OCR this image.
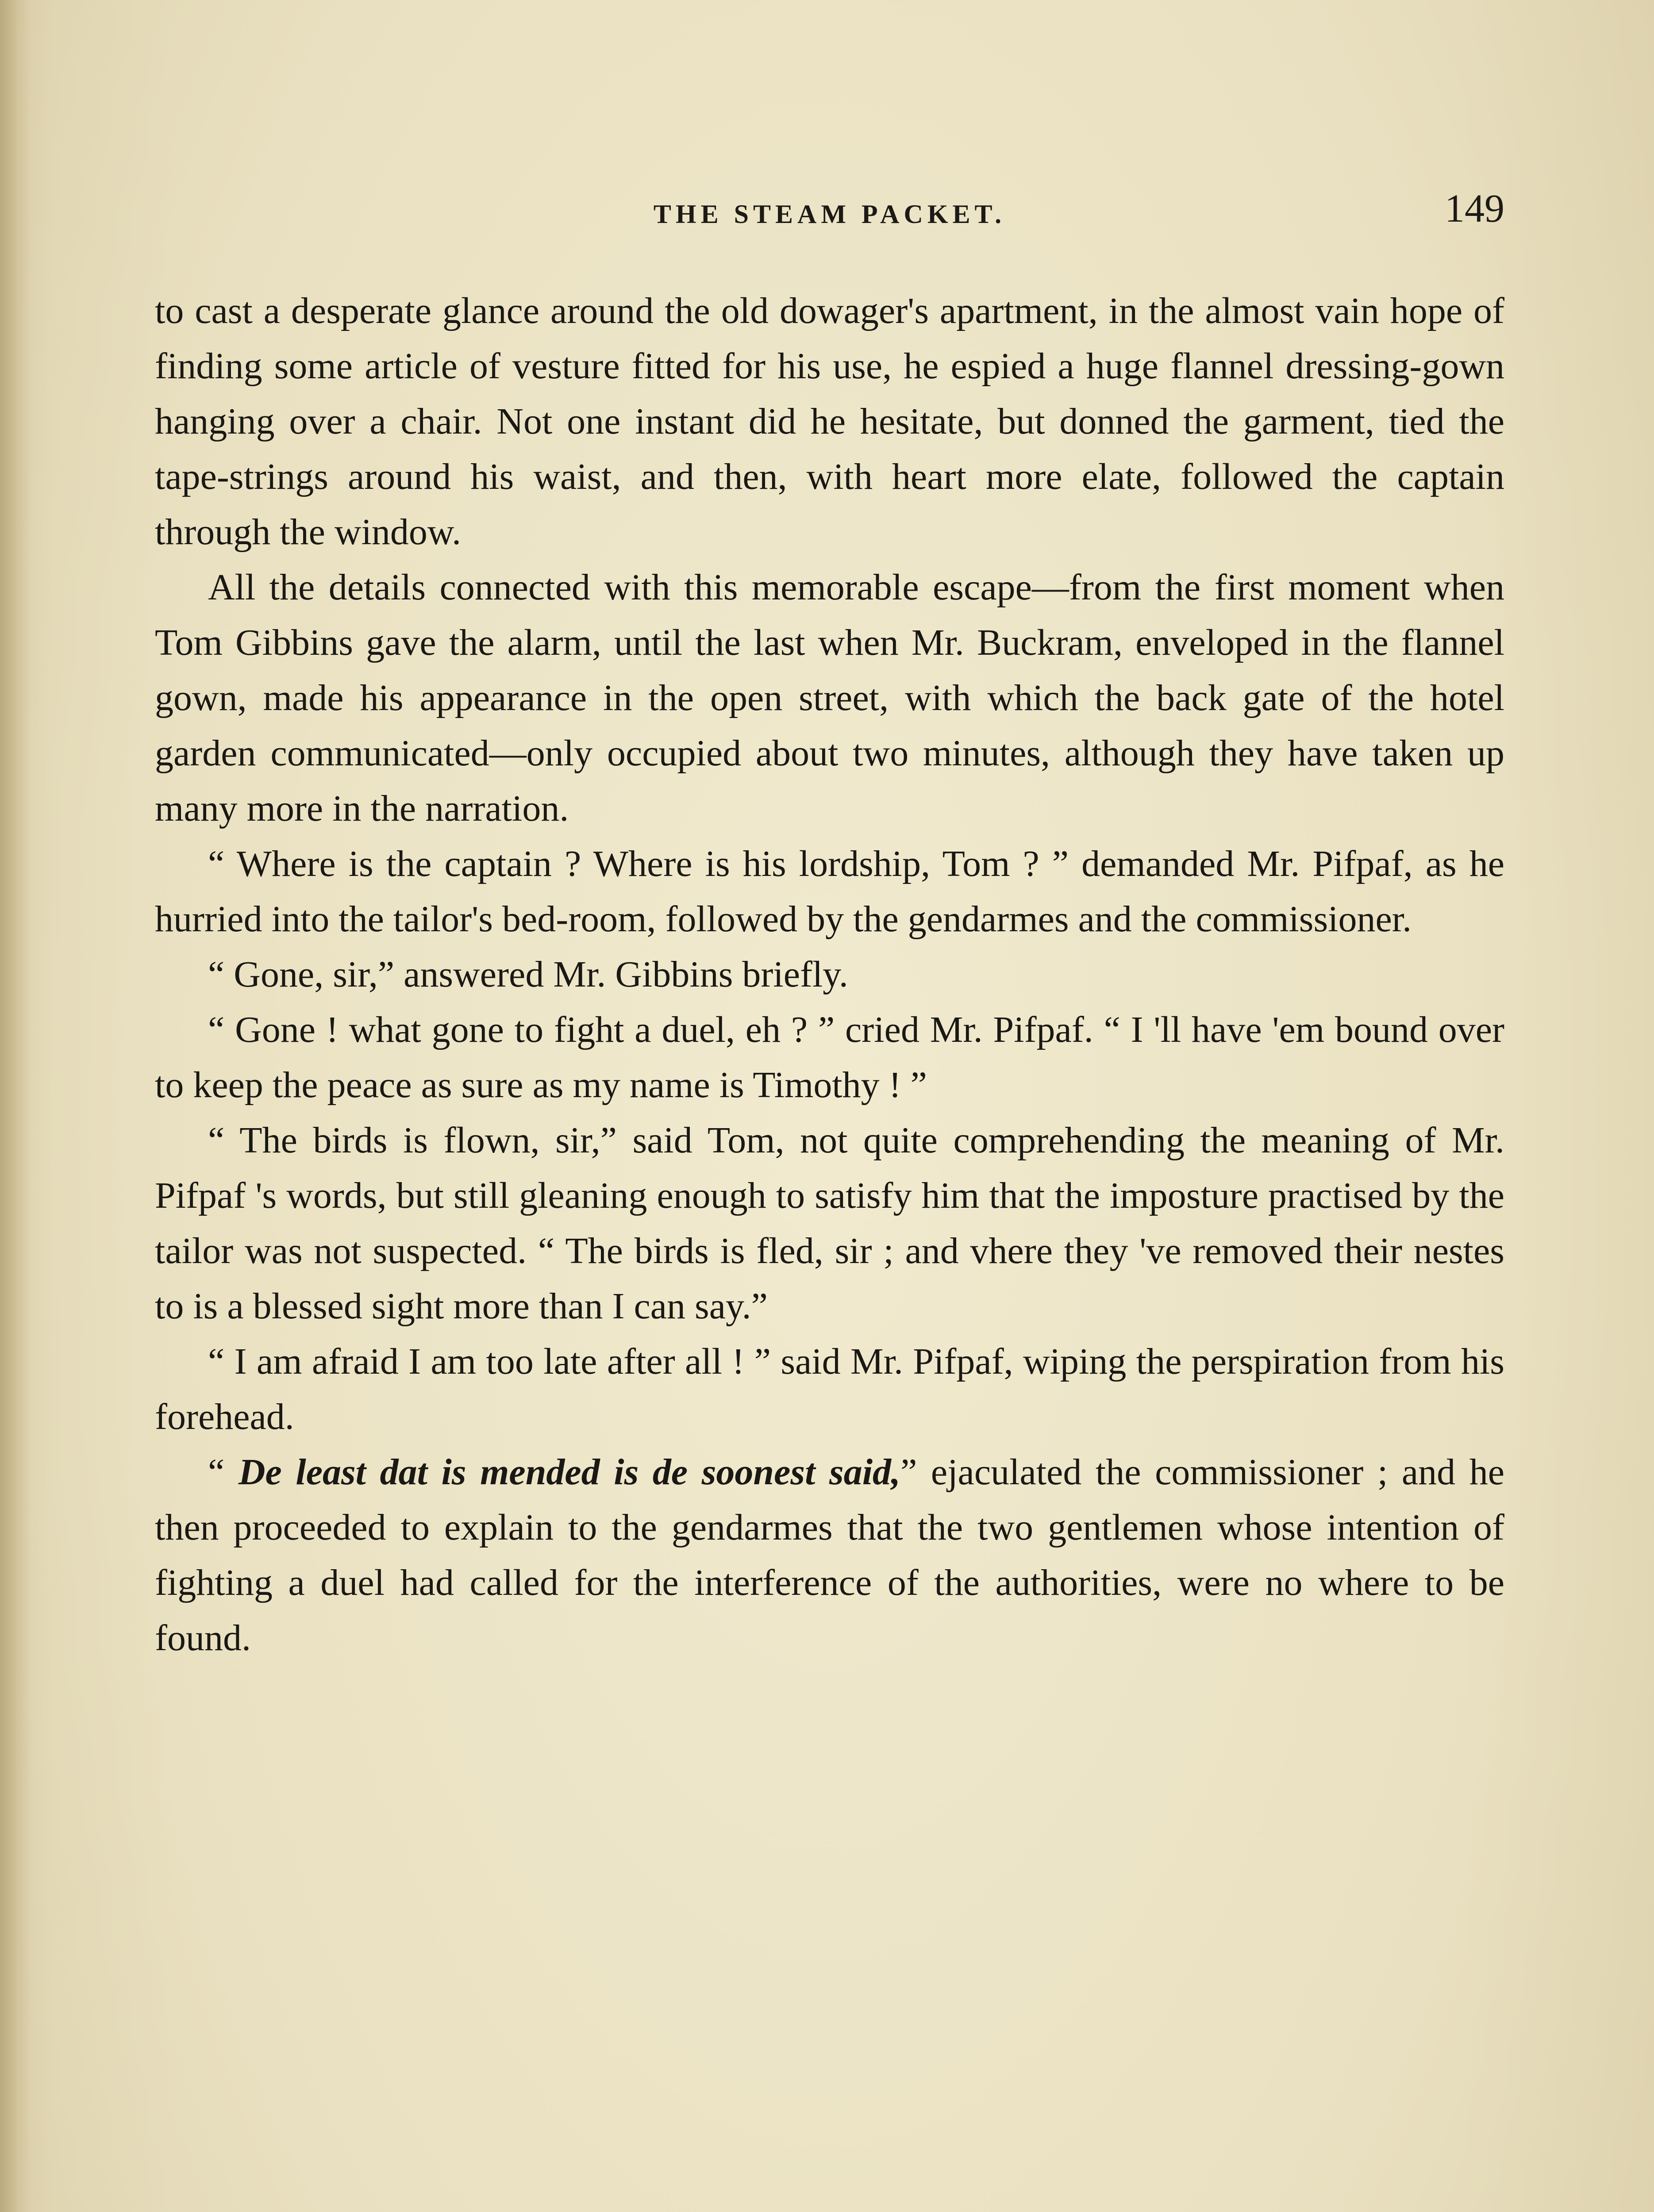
THE STEAM PACKET.	149

to cast a desperate glance around the old dowager's apartment, in the almost vain hope of finding some article of vesture fitted for his use, he espied a huge flannel dressing-gown hanging over a chair. Not one instant did he hesitate, but donned the garment, tied the tape-strings around his waist, and then, with heart more elate, followed the captain through the window.

All the details connected with this memorable escape—from the first moment when Tom Gibbins gave the alarm, until the last when Mr. Buckram, enveloped in the flannel gown, made his appearance in the open street, with which the back gate of the hotel garden communicated—only occupied about two minutes, although they have taken up many more in the narration.

“ Where is the captain ? Where is his lordship, Tom ? ” demanded Mr. Pifpaf, as he hurried into the tailor's bed-room, followed by the gendarmes and the commissioner.

“ Gone, sir,” answered Mr. Gibbins briefly.

“ Gone ! what gone to fight a duel, eh ? ” cried Mr. Pifpaf. “ I 'll have 'em bound over to keep the peace as sure as my name is Timothy ! ”

“ The birds is flown, sir,” said Tom, not quite comprehending the meaning of Mr. Pifpaf 's words, but still gleaning enough to satisfy him that the imposture practised by the tailor was not suspected. “ The birds is fled, sir ; and vhere they 've removed their nestes to is a blessed sight more than I can say.”

“ I am afraid I am too late after all ! ” said Mr. Pifpaf, wiping the perspiration from his forehead.

“ De least dat is mended is de soonest said,” ejaculated the commissioner ; and he then proceeded to explain to the gendarmes that the two gentlemen whose intention of fighting a duel had called for the interference of the authorities, were no where to be found.
